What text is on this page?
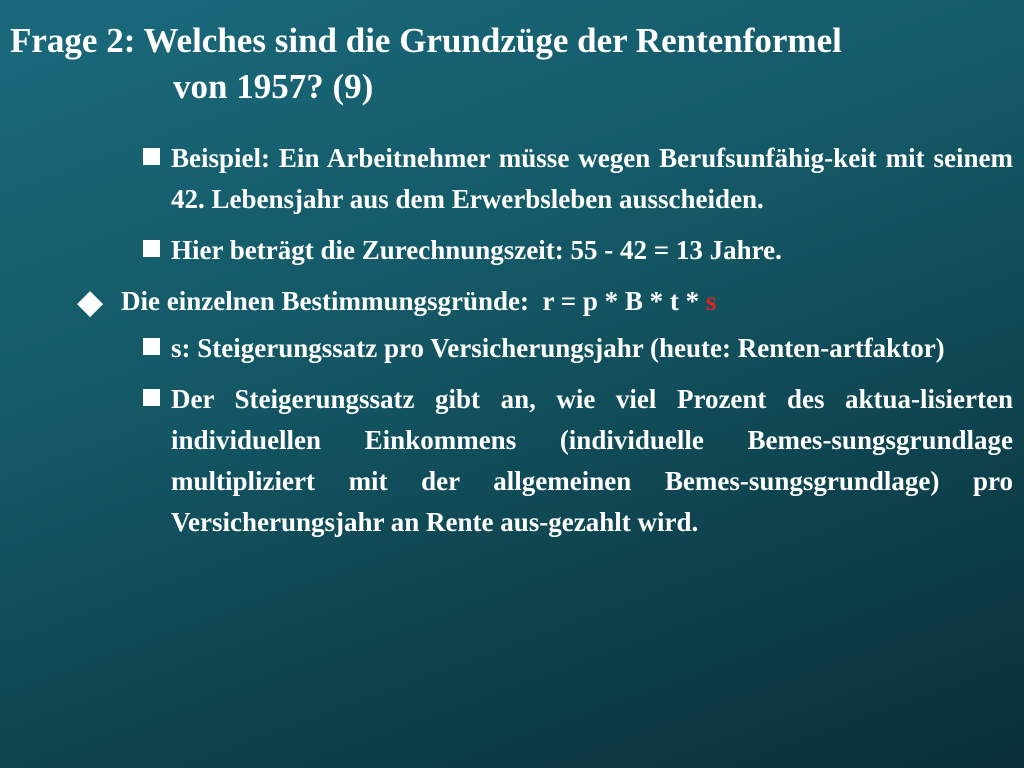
Frage 2: Welches sind die Grundzüge der Rentenformel
von 1957? (9)
Beispiel: Ein Arbeitnehmer müsse wegen Berufsunfähig-keit mit seinem 42. Lebensjahr aus dem Erwerbsleben ausscheiden.
Hier beträgt die Zurechnungszeit: 55 - 42 = 13 Jahre.
◆ Die einzelnen Bestimmungsgründe:  r = p * B * t * s
s: Steigerungssatz pro Versicherungsjahr (heute: Renten-artfaktor)
Der Steigerungssatz gibt an, wie viel Prozent des aktua-lisierten individuellen Einkommens (individuelle Bemes-sungsgrundlage multipliziert mit der allgemeinen Bemes-sungsgrundlage) pro Versicherungsjahr an Rente aus-gezahlt wird.
